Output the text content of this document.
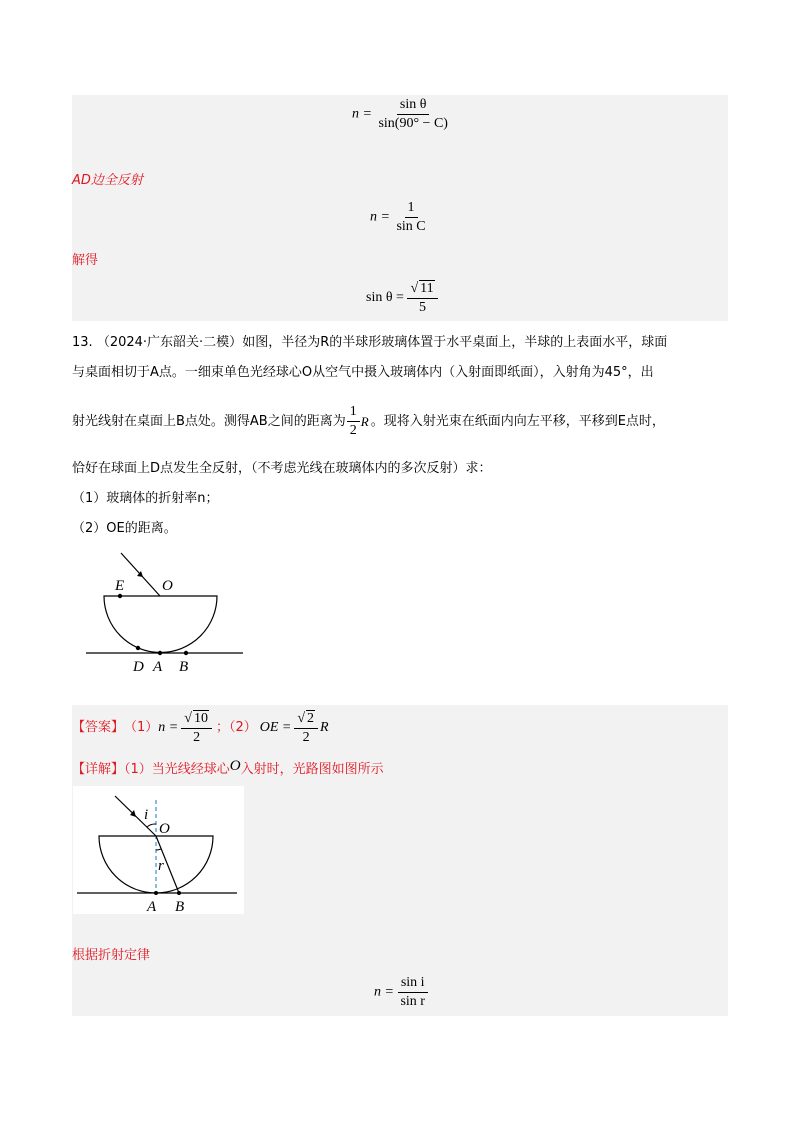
$n = \frac{\text{sin θ}}{\sin(90^\circ - C)}$
AD边全反射
$n = \frac{1}{\text{sin C}}$
解得
$\sin \theta = \frac{√ 11}{5}$
13. （2024·广东韶关·二模）如图，半径为R的半球形玻璃体置于水平桌面上，半球的上表面水平，球面
与桌面相切于A点。一细束单色光经球心O从空气中摄入玻璃体内（入射面即纸面），入射角为45°，出
射光线射在桌面上B点处。测得AB之间的距离为 $\frac{1}{2}$ R 。现将入射光束在纸面内向左平移，平移到E点时，
恰好在球面上D点发生全反射，（不考虑光线在玻璃体内的多次反射）求：
（1）玻璃体的折射率n；
（2）OE的距离。
E	O
D A B
【答案】 （1） $n = \frac{√ 10}{2}$ ；（2） OE = $\frac{√ 2}{2}$ R
【详解】（1）当光线经球心O入射时，光路图如图所示
i
O
r
A B
根据折射定律
$n = \frac{\text{sin i}}{\text{sin r}}$
